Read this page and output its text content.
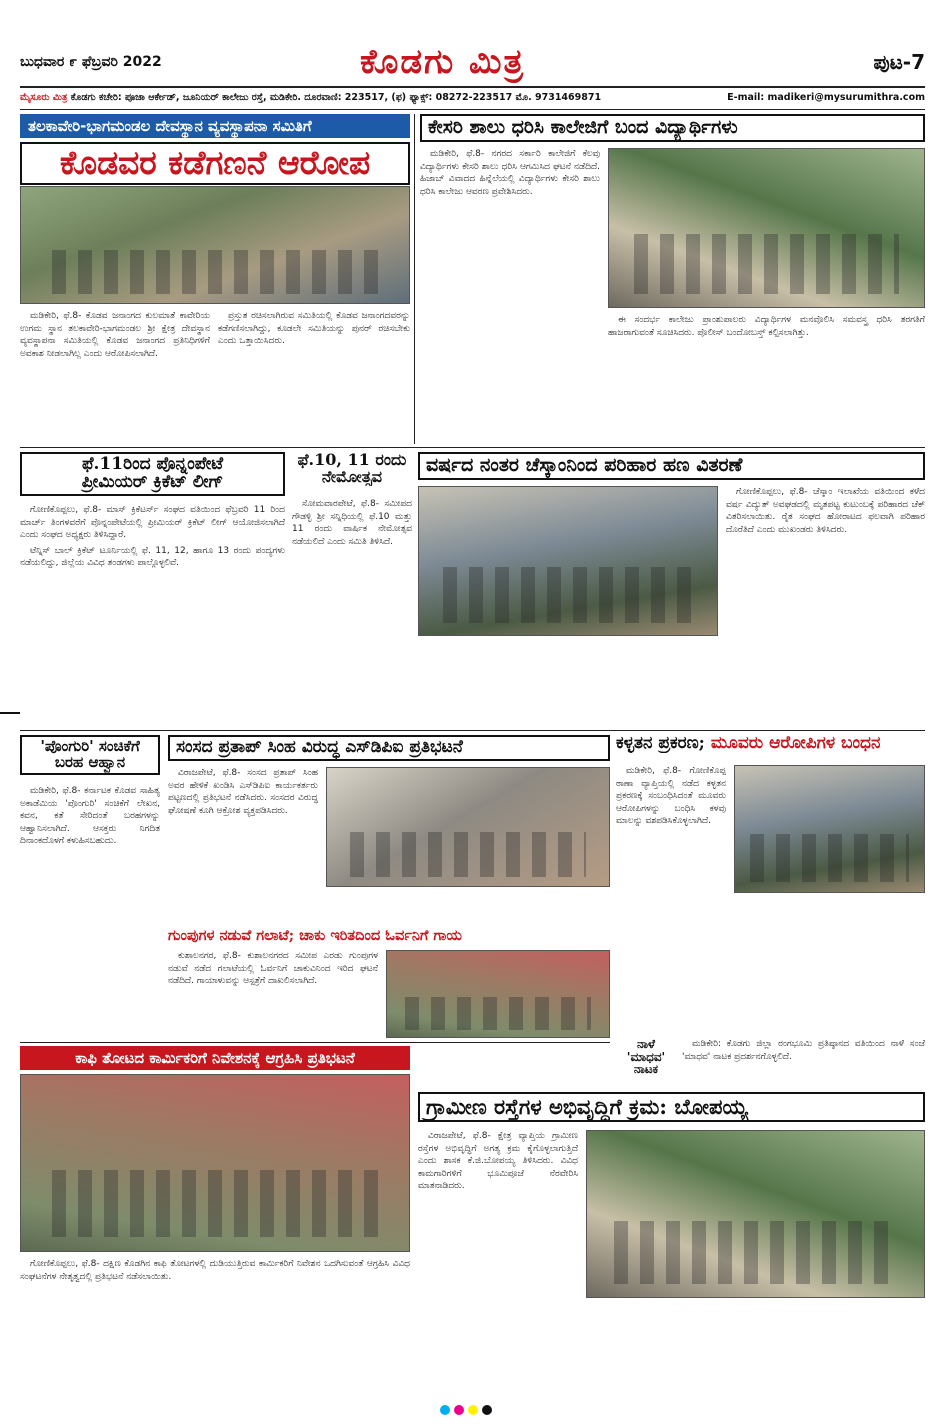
ಬುಧವಾರ ೯ ಫೆಬ್ರವರಿ 2022	ಕೊಡಗು ಮಿತ್ರ	ಪುಟ-7
ಮೈಸೂರು ಮಿತ್ರ ಕೊಡಗು ಕಚೇರಿ: ಪೂಜಾ ಆರ್ಕೇಡ್, ಜೂನಿಯರ್ ಕಾಲೇಜು ರಸ್ತೆ, ಮಡಿಕೇರಿ. ದೂರವಾಣಿ: 223517, (ಫ) ಫ್ಯಾಕ್ಸ್: 08272-223517 ಮೊ. 9731469871	E-mail: madikeri@mysurumithra.com
ತಲಕಾವೇರಿ-ಭಾಗಮಂಡಲ ದೇವಸ್ಥಾನ ವ್ಯವಸ್ಥಾಪನಾ ಸಮಿತಿಗೆ
ಕೊಡವರ ಕಡೆಗಣನೆ ಆರೋಪ

ಮಡಿಕೇರಿ, ಫೆ.8- ಕೊಡವ ಜನಾಂಗದ ಕುಲಮಾತೆ ಕಾವೇರಿಯ ಉಗಮ ಸ್ಥಾನ ತಲಕಾವೇರಿ-ಭಾಗಮಂಡಲ ಶ್ರೀ ಕ್ಷೇತ್ರ ದೇವಸ್ಥಾನ ವ್ಯವಸ್ಥಾಪನಾ ಸಮಿತಿಯಲ್ಲಿ ಕೊಡವ ಜನಾಂಗದ ಪ್ರತಿನಿಧಿಗಳಿಗೆ ಅವಕಾಶ ನೀಡಲಾಗಿಲ್ಲ ಎಂದು ಆರೋಪಿಸಲಾಗಿದೆ.

ಪ್ರಸ್ತುತ ರಚಿಸಲಾಗಿರುವ ಸಮಿತಿಯಲ್ಲಿ ಕೊಡವ ಜನಾಂಗದವರನ್ನು ಕಡೆಗಣಿಸಲಾಗಿದ್ದು, ಕೂಡಲೇ ಸಮಿತಿಯನ್ನು ಪುನರ್ ರಚಿಸಬೇಕು ಎಂದು ಒತ್ತಾಯಿಸಿದರು.

ಕೇಸರಿ ಶಾಲು ಧರಿಸಿ ಕಾಲೇಜಿಗೆ ಬಂದ ವಿದ್ಯಾರ್ಥಿಗಳು

ಮಡಿಕೇರಿ, ಫೆ.8- ನಗರದ ಸರ್ಕಾರಿ ಕಾಲೇಜಿಗೆ ಕೆಲವು ವಿದ್ಯಾರ್ಥಿಗಳು ಕೇಸರಿ ಶಾಲು ಧರಿಸಿ ಆಗಮಿಸಿದ ಘಟನೆ ನಡೆದಿದೆ. ಹಿಜಾಬ್ ವಿವಾದದ ಹಿನ್ನೆಲೆಯಲ್ಲಿ ವಿದ್ಯಾರ್ಥಿಗಳು ಕೇಸರಿ ಶಾಲು ಧರಿಸಿ ಕಾಲೇಜು ಆವರಣ ಪ್ರವೇಶಿಸಿದರು.

ಈ ಸಂದರ್ಭ ಕಾಲೇಜು ಪ್ರಾಂಶುಪಾಲರು ವಿದ್ಯಾರ್ಥಿಗಳ ಮನವೊಲಿಸಿ ಸಮವಸ್ತ್ರ ಧರಿಸಿ ತರಗತಿಗೆ ಹಾಜರಾಗುವಂತೆ ಸೂಚಿಸಿದರು. ಪೊಲೀಸ್ ಬಂದೋಬಸ್ತ್ ಕಲ್ಪಿಸಲಾಗಿತ್ತು.

ಫೆ.11ರಿಂದ ಪೊನ್ನಂಪೇಟೆ
ಪ್ರೀಮಿಯರ್ ಕ್ರಿಕೆಟ್ ಲೀಗ್

ಗೋಣಿಕೊಪ್ಪಲು, ಫೆ.8- ಮಾಸ್ ಕ್ರಿಕೆಟರ್ಸ್ ಸಂಘದ ವತಿಯಿಂದ ಫೆಬ್ರವರಿ 11 ರಿಂದ ಮಾರ್ಚ್ ತಿಂಗಳವರೆಗೆ ಪೊನ್ನಂಪೇಟೆಯಲ್ಲಿ ಪ್ರೀಮಿಯರ್ ಕ್ರಿಕೆಟ್ ಲೀಗ್ ಆಯೋಜಿಸಲಾಗಿದೆ ಎಂದು ಸಂಘದ ಅಧ್ಯಕ್ಷರು ತಿಳಿಸಿದ್ದಾರೆ.

ಟೆನ್ನಿಸ್ ಬಾಲ್ ಕ್ರಿಕೆಟ್ ಟೂರ್ನಿಯಲ್ಲಿ ಫೆ. 11, 12, ಹಾಗೂ 13 ರಂದು ಪಂದ್ಯಗಳು ನಡೆಯಲಿದ್ದು, ಜಿಲ್ಲೆಯ ವಿವಿಧ ತಂಡಗಳು ಪಾಲ್ಗೊಳ್ಳಲಿವೆ.

ಫೆ.10, 11 ರಂದು
ನೇಮೋತ್ಸವ

ಸೋಮವಾರಪೇಟೆ, ಫೆ.8- ಸಮೀಪದ ಗೌಡಳ್ಳಿ ಶ್ರೀ ಸನ್ನಿಧಿಯಲ್ಲಿ ಫೆ.10 ಮತ್ತು 11 ರಂದು ವಾರ್ಷಿಕ ನೇಮೋತ್ಸವ ನಡೆಯಲಿದೆ ಎಂದು ಸಮಿತಿ ತಿಳಿಸಿದೆ.

ವರ್ಷದ ನಂತರ ಚೆಸ್ಕಾಂನಿಂದ ಪರಿಹಾರ ಹಣ ವಿತರಣೆ

ಗೋಣಿಕೊಪ್ಪಲು, ಫೆ.8- ಚೆಸ್ಕಾಂ ಇಲಾಖೆಯ ವತಿಯಿಂದ ಕಳೆದ ವರ್ಷ ವಿದ್ಯುತ್ ಅವಘಡದಲ್ಲಿ ಮೃತಪಟ್ಟ ಕುಟುಂಬಕ್ಕೆ ಪರಿಹಾರದ ಚೆಕ್ ವಿತರಿಸಲಾಯಿತು. ರೈತ ಸಂಘದ ಹೋರಾಟದ ಫಲವಾಗಿ ಪರಿಹಾರ ದೊರೆತಿದೆ ಎಂದು ಮುಖಂಡರು ತಿಳಿಸಿದರು.

'ಪೊಂಗುರಿ' ಸಂಚಿಕೆಗೆ
ಬರಹ ಆಹ್ವಾನ

ಮಡಿಕೇರಿ, ಫೆ.8- ಕರ್ನಾಟಕ ಕೊಡವ ಸಾಹಿತ್ಯ ಅಕಾಡೆಮಿಯ 'ಪೊಂಗುರಿ' ಸಂಚಿಕೆಗೆ ಲೇಖನ, ಕವನ, ಕತೆ ಸೇರಿದಂತೆ ಬರಹಗಳನ್ನು ಆಹ್ವಾನಿಸಲಾಗಿದೆ. ಆಸಕ್ತರು ನಿಗದಿತ ದಿನಾಂಕದೊಳಗೆ ಕಳುಹಿಸಬಹುದು.

ಸಂಸದ ಪ್ರತಾಪ್ ಸಿಂಹ ವಿರುದ್ಧ ಎಸ್‌ಡಿಪಿಐ ಪ್ರತಿಭಟನೆ

ವಿರಾಜಪೇಟೆ, ಫೆ.8- ಸಂಸದ ಪ್ರತಾಪ್ ಸಿಂಹ ಅವರ ಹೇಳಿಕೆ ಖಂಡಿಸಿ ಎಸ್‌ಡಿಪಿಐ ಕಾರ್ಯಕರ್ತರು ಪಟ್ಟಣದಲ್ಲಿ ಪ್ರತಿಭಟನೆ ನಡೆಸಿದರು. ಸಂಸದರ ವಿರುದ್ಧ ಘೋಷಣೆ ಕೂಗಿ ಆಕ್ರೋಶ ವ್ಯಕ್ತಪಡಿಸಿದರು.

ಕಳ್ಳತನ ಪ್ರಕರಣ; ಮೂವರು ಆರೋಪಿಗಳ ಬಂಧನ

ಮಡಿಕೇರಿ, ಫೆ.8- ಗೋಣಿಕೊಪ್ಪ ಠಾಣಾ ವ್ಯಾಪ್ತಿಯಲ್ಲಿ ನಡೆದ ಕಳ್ಳತನ ಪ್ರಕರಣಕ್ಕೆ ಸಂಬಂಧಿಸಿದಂತೆ ಮೂವರು ಆರೋಪಿಗಳನ್ನು ಬಂಧಿಸಿ ಕಳವು ಮಾಲನ್ನು ವಶಪಡಿಸಿಕೊಳ್ಳಲಾಗಿದೆ.

ಗುಂಪುಗಳ ನಡುವೆ ಗಲಾಟೆ; ಚಾಕು ಇರಿತದಿಂದ ಓರ್ವನಿಗೆ ಗಾಯ

ಕುಶಾಲನಗರ, ಫೆ.8- ಕುಶಾಲನಗರದ ಸಮೀಪ ಎರಡು ಗುಂಪುಗಳ ನಡುವೆ ನಡೆದ ಗಲಾಟೆಯಲ್ಲಿ ಓರ್ವನಿಗೆ ಚಾಕುವಿನಿಂದ ಇರಿದ ಘಟನೆ ನಡೆದಿದೆ. ಗಾಯಾಳುವನ್ನು ಆಸ್ಪತ್ರೆಗೆ ದಾಖಲಿಸಲಾಗಿದೆ.

ನಾಳೆ
'ಮಾಧವ'
ನಾಟಕ

ಮಡಿಕೇರಿ: ಕೊಡಗು ಜಿಲ್ಲಾ ರಂಗಭೂಮಿ ಪ್ರತಿಷ್ಠಾನದ ವತಿಯಿಂದ ನಾಳೆ ಸಂಜೆ 'ಮಾಧವ' ನಾಟಕ ಪ್ರದರ್ಶನಗೊಳ್ಳಲಿದೆ.

ಕಾಫಿ ತೋಟದ ಕಾರ್ಮಿಕರಿಗೆ ನಿವೇಶನಕ್ಕೆ ಆಗ್ರಹಿಸಿ ಪ್ರತಿಭಟನೆ

ಗೋಣಿಕೊಪ್ಪಲು, ಫೆ.8- ದಕ್ಷಿಣ ಕೊಡಗಿನ ಕಾಫಿ ತೋಟಗಳಲ್ಲಿ ದುಡಿಯುತ್ತಿರುವ ಕಾರ್ಮಿಕರಿಗೆ ನಿವೇಶನ ಒದಗಿಸುವಂತೆ ಆಗ್ರಹಿಸಿ ವಿವಿಧ ಸಂಘಟನೆಗಳ ನೇತೃತ್ವದಲ್ಲಿ ಪ್ರತಿಭಟನೆ ನಡೆಸಲಾಯಿತು.

ಗ್ರಾಮೀಣ ರಸ್ತೆಗಳ ಅಭಿವೃದ್ಧಿಗೆ ಕ್ರಮ: ಬೋಪಯ್ಯ

ವಿರಾಜಪೇಟೆ, ಫೆ.8- ಕ್ಷೇತ್ರ ವ್ಯಾಪ್ತಿಯ ಗ್ರಾಮೀಣ ರಸ್ತೆಗಳ ಅಭಿವೃದ್ಧಿಗೆ ಅಗತ್ಯ ಕ್ರಮ ಕೈಗೊಳ್ಳಲಾಗುತ್ತಿದೆ ಎಂದು ಶಾಸಕ ಕೆ.ಜಿ.ಬೋಪಯ್ಯ ತಿಳಿಸಿದರು. ವಿವಿಧ ಕಾಮಗಾರಿಗಳಿಗೆ ಭೂಮಿಪೂಜೆ ನೆರವೇರಿಸಿ ಮಾತನಾಡಿದರು.
